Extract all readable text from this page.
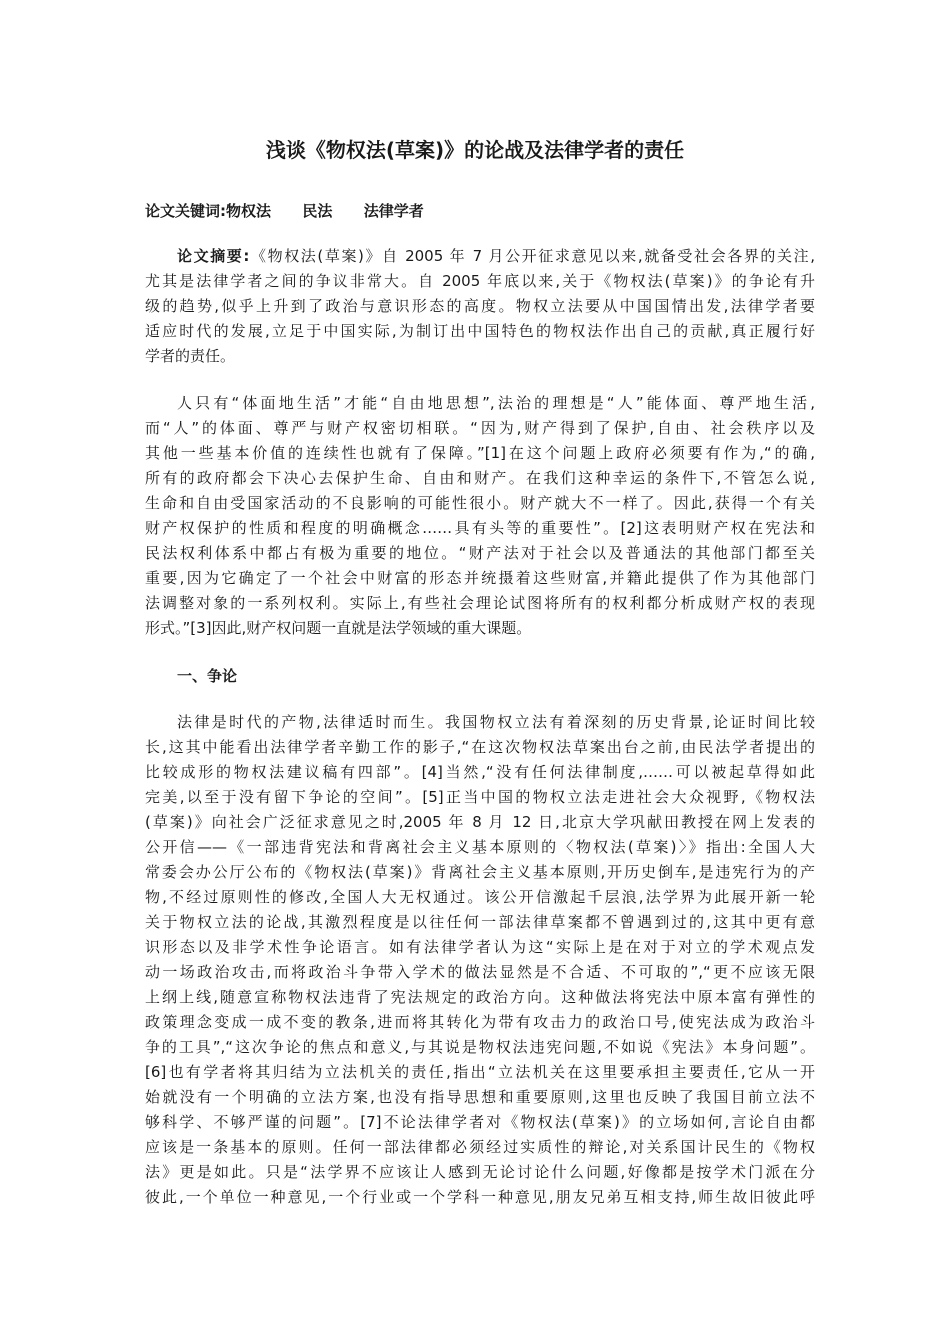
浅谈《物权法(草案)》的论战及法律学者的责任
论文关键词:物权法 民法 法律学者
论文摘要:《物权法(草案)》自 2005 年 7 月公开征求意见以来,就备受社会各界的关注,
尤其是法律学者之间的争议非常大。自 2005 年底以来,关于《物权法(草案)》的争论有升
级的趋势,似乎上升到了政治与意识形态的高度。物权立法要从中国国情出发,法律学者要
适应时代的发展,立足于中国实际,为制订出中国特色的物权法作出自己的贡献,真正履行好
学者的责任。
人只有“体面地生活”才能“自由地思想”,法治的理想是“人”能体面、尊严地生活,
而“人”的体面、尊严与财产权密切相联。“因为,财产得到了保护,自由、社会秩序以及
其他一些基本价值的连续性也就有了保障。”[1]在这个问题上政府必须要有作为,“的确,
所有的政府都会下决心去保护生命、自由和财产。在我们这种幸运的条件下,不管怎么说,
生命和自由受国家活动的不良影响的可能性很小。财产就大不一样了。因此,获得一个有关
财产权保护的性质和程度的明确概念……具有头等的重要性”。[2]这表明财产权在宪法和
民法权利体系中都占有极为重要的地位。“财产法对于社会以及普通法的其他部门都至关
重要,因为它确定了一个社会中财富的形态并统摄着这些财富,并籍此提供了作为其他部门
法调整对象的一系列权利。实际上,有些社会理论试图将所有的权利都分析成财产权的表现
形式。”[3]因此,财产权问题一直就是法学领域的重大课题。
一、争论
法律是时代的产物,法律适时而生。我国物权立法有着深刻的历史背景,论证时间比较
长,这其中能看出法律学者辛勤工作的影子,“在这次物权法草案出台之前,由民法学者提出的
比较成形的物权法建议稿有四部”。[4]当然,“没有任何法律制度,……可以被起草得如此
完美,以至于没有留下争论的空间”。[5]正当中国的物权立法走进社会大众视野,《物权法
(草案)》向社会广泛征求意见之时,2005 年 8 月 12 日,北京大学巩献田教授在网上发表的
公开信——《一部违背宪法和背离社会主义基本原则的〈物权法(草案)〉》指出:全国人大
常委会办公厅公布的《物权法(草案)》背离社会主义基本原则,开历史倒车,是违宪行为的产
物,不经过原则性的修改,全国人大无权通过。该公开信激起千层浪,法学界为此展开新一轮
关于物权立法的论战,其激烈程度是以往任何一部法律草案都不曾遇到过的,这其中更有意
识形态以及非学术性争论语言。如有法律学者认为这“实际上是在对于对立的学术观点发
动一场政治攻击,而将政治斗争带入学术的做法显然是不合适、不可取的”,“更不应该无限
上纲上线,随意宣称物权法违背了宪法规定的政治方向。这种做法将宪法中原本富有弹性的
政策理念变成一成不变的教条,进而将其转化为带有攻击力的政治口号,使宪法成为政治斗
争的工具”,“这次争论的焦点和意义,与其说是物权法违宪问题,不如说《宪法》本身问题”。
[6]也有学者将其归结为立法机关的责任,指出“立法机关在这里要承担主要责任,它从一开
始就没有一个明确的立法方案,也没有指导思想和重要原则,这里也反映了我国目前立法不
够科学、不够严谨的问题”。[7]不论法律学者对《物权法(草案)》的立场如何,言论自由都
应该是一条基本的原则。任何一部法律都必须经过实质性的辩论,对关系国计民生的《物权
法》更是如此。只是“法学界不应该让人感到无论讨论什么问题,好像都是按学术门派在分
彼此,一个单位一种意见,一个行业或一个学科一种意见,朋友兄弟互相支持,师生故旧彼此呼
